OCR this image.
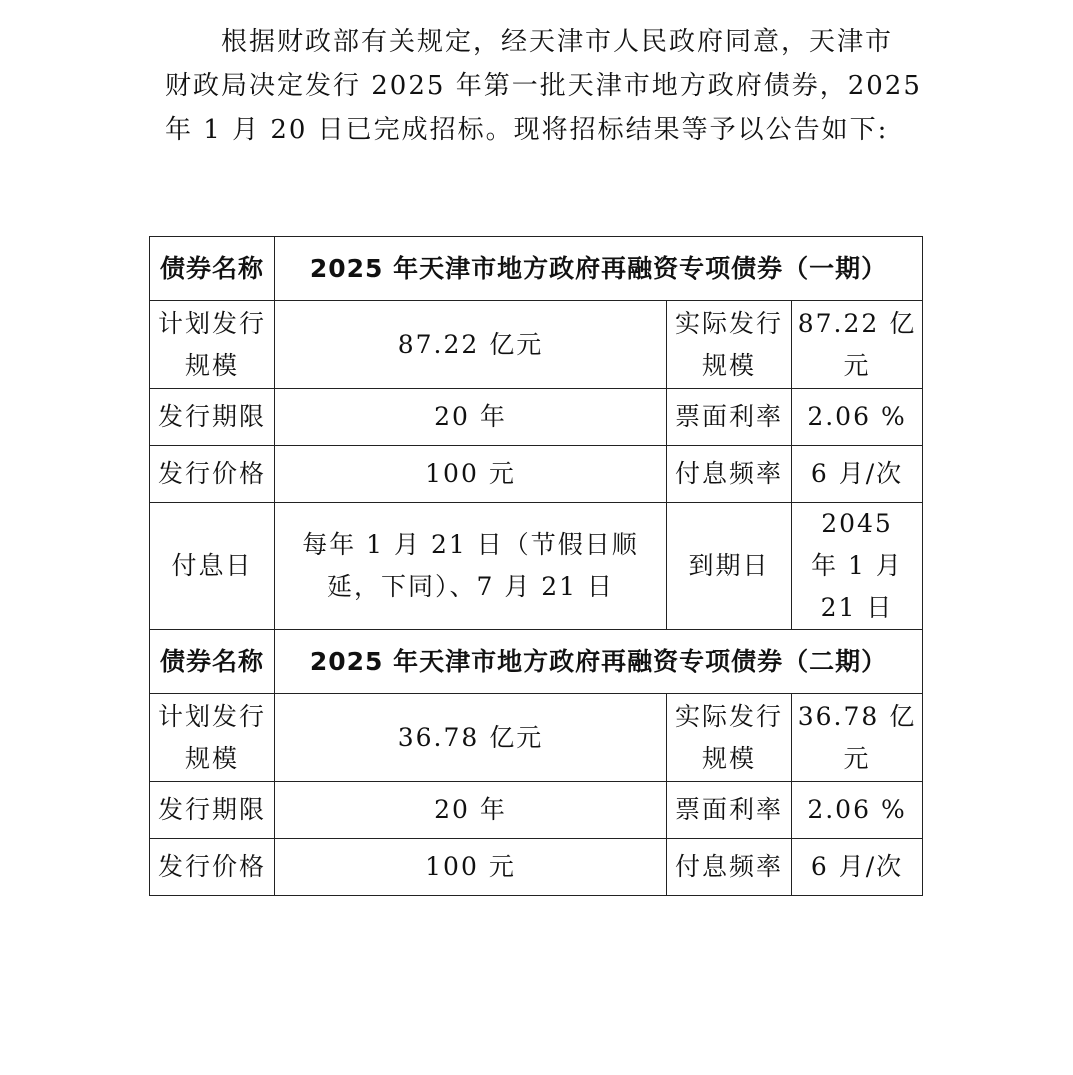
根据财政部有关规定，经天津市人民政府同意，天津市
财政局决定发行 2025 年第一批天津市地方政府债券，2025
年 1 月 20 日已完成招标。现将招标结果等予以公告如下:

债券名称	2025 年天津市地方政府再融资专项债券（一期）		
计划发行规模	87.22 亿元	实际发行规模	87.22 亿元
发行期限	20 年	票面利率	2.06 %
发行价格	100 元	付息频率	6 月/次
付息日	每年 1 月 21 日（节假日顺延，下同）、7 月 21 日	到期日	2045 年 1 月 21 日
债券名称	2025 年天津市地方政府再融资专项债券（二期）		
计划发行规模	36.78 亿元	实际发行规模	36.78 亿元
发行期限	20 年	票面利率	2.06 %
发行价格	100 元	付息频率	6 月/次
